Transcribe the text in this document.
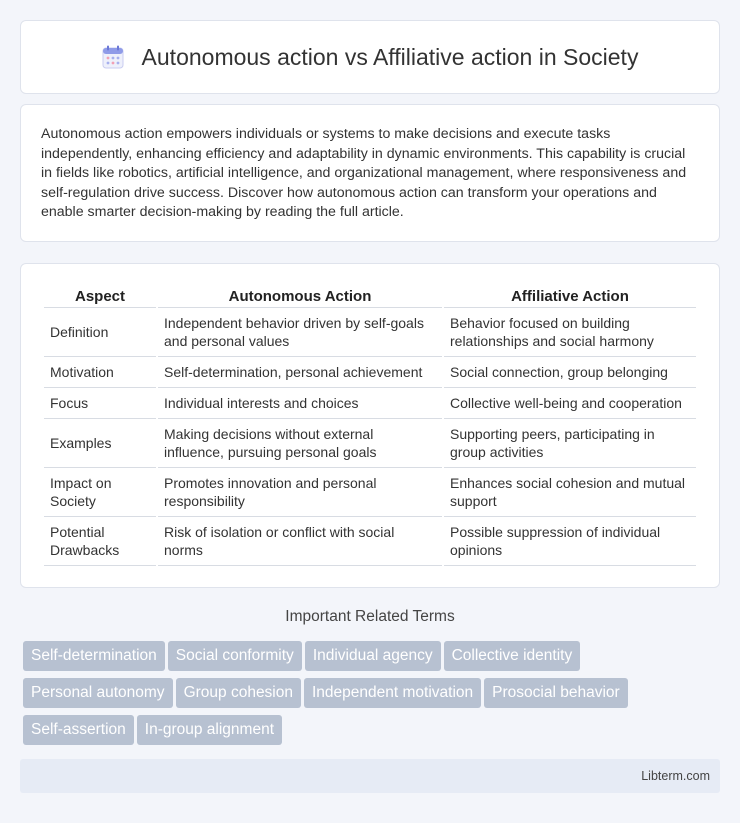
Autonomous action vs Affiliative action in Society

Autonomous action empowers individuals or systems to make decisions and execute tasks independently, enhancing efficiency and adaptability in dynamic environments. This capability is crucial in fields like robotics, artificial intelligence, and organizational management, where responsiveness and self-regulation drive success. Discover how autonomous action can transform your operations and enable smarter decision-making by reading the full article.

Aspect	Autonomous Action	Affiliative Action
Definition	Independent behavior driven by self-goals and personal values	Behavior focused on building relationships and social harmony
Motivation	Self-determination, personal achievement	Social connection, group belonging
Focus	Individual interests and choices	Collective well-being and cooperation
Examples	Making decisions without external influence, pursuing personal goals	Supporting peers, participating in group activities
Impact on Society	Promotes innovation and personal responsibility	Enhances social cohesion and mutual support
Potential Drawbacks	Risk of isolation or conflict with social norms	Possible suppression of individual opinions
Important Related Terms
Self-determination Social conformity Individual agency Collective identity
Personal autonomy Group cohesion Independent motivation Prosocial behavior
Self-assertion In-group alignment
Libterm.com
